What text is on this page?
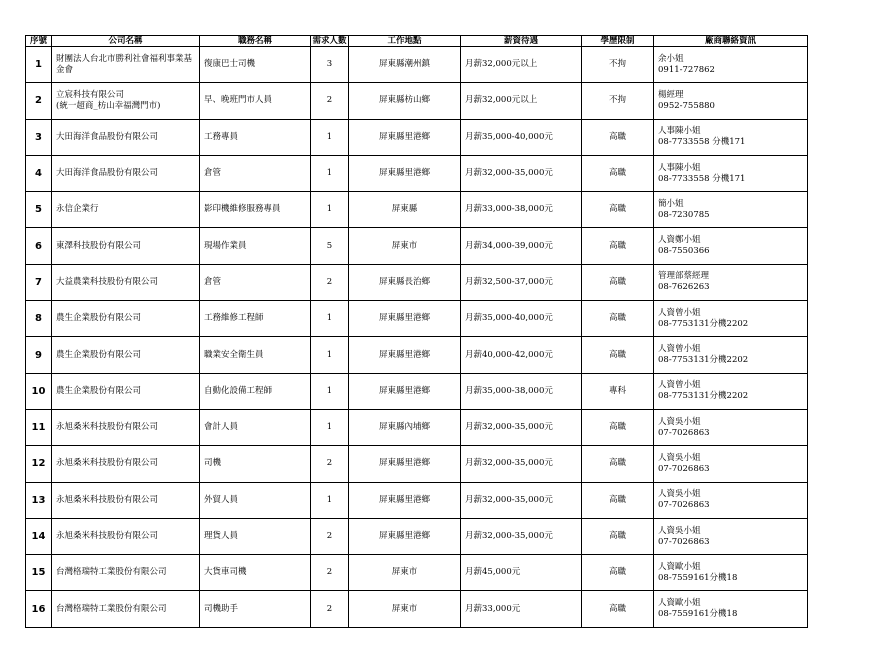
序號	公司名稱	職務名稱	需求人數	工作地點	薪資待遇	學歷限制	廠商聯絡資訊
1	財團法人台北市勝利社會福利事業基
金會	復康巴士司機	3	屏東縣潮州鎮	月薪32,000元以上	不拘	余小姐
0911-727862

2	立宸科技有限公司
(統一超商_枋山幸福灣門市)	早、晚班門市人員	2	屏東縣枋山鄉	月薪32,000元以上	不拘	楊經理
0952-755880

3	大田海洋食品股份有限公司	工務專員	1	屏東縣里港鄉	月薪35,000-40,000元	高職	人事陳小姐
08-7733558 分機171

4	大田海洋食品股份有限公司	倉管	1	屏東縣里港鄉	月薪32,000-35,000元	高職	人事陳小姐
08-7733558 分機171

5	永信企業行	影印機維修服務專員	1	屏東縣	月薪33,000-38,000元	高職	簡小姐
08-7230785

6	東澤科技股份有限公司	現場作業員	5	屏東市	月薪34,000-39,000元	高職	人資鄭小姐
08-7550366

7	大益農業科技股份有限公司	倉管	2	屏東縣長治鄉	月薪32,500-37,000元	高職	管理部蔡經理
08-7626263

8	農生企業股份有限公司	工務維修工程師	1	屏東縣里港鄉	月薪35,000-40,000元	高職	人資曾小姐
08-7753131分機2202

9	農生企業股份有限公司	職業安全衛生員	1	屏東縣里港鄉	月薪40,000-42,000元	高職	人資曾小姐
08-7753131分機2202

10	農生企業股份有限公司	自動化設備工程師	1	屏東縣里港鄉	月薪35,000-38,000元	專科	人資曾小姐
08-7753131分機2202

11	永旭桑米科技股份有限公司	會計人員	1	屏東縣內埔鄉	月薪32,000-35,000元	高職	人資吳小姐
07-7026863

12	永旭桑米科技股份有限公司	司機	2	屏東縣里港鄉	月薪32,000-35,000元	高職	人資吳小姐
07-7026863

13	永旭桑米科技股份有限公司	外貿人員	1	屏東縣里港鄉	月薪32,000-35,000元	高職	人資吳小姐
07-7026863

14	永旭桑米科技股份有限公司	理貨人員	2	屏東縣里港鄉	月薪32,000-35,000元	高職	人資吳小姐
07-7026863

15	台灣格瑞特工業股份有限公司	大貨車司機	2	屏東市	月薪45,000元	高職	人資歐小姐
08-7559161分機18

16	台灣格瑞特工業股份有限公司	司機助手	2	屏東市	月薪33,000元	高職	人資歐小姐
08-7559161分機18
